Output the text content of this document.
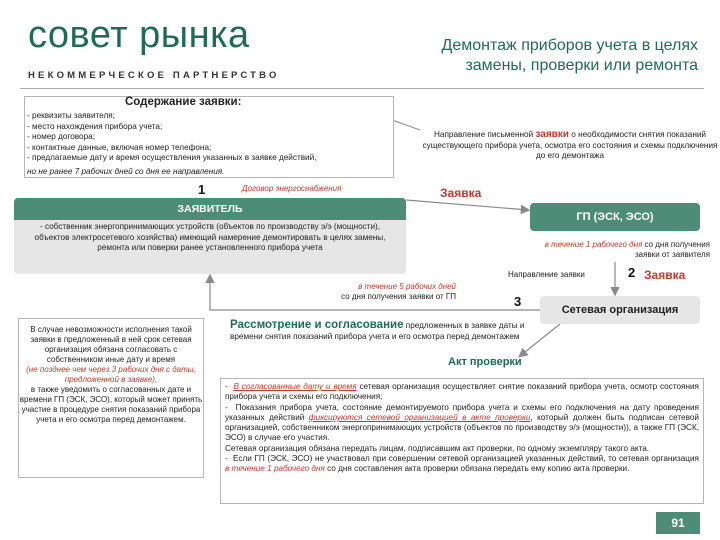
совет рынка
НЕКОММЕРЧЕСКОЕ ПАРТНЕРСТВО
Демонтаж приборов учета в целях
замены, проверки или ремонта
Содержание заявки:
- реквизиты заявителя;
- место нахождения прибора учета;
- номер договора;
- контактные данные, включая номер телефона;
- предлагаемые дату и время осуществления указанных в заявке действий,
но не ранее 7 рабочих дней со дня ее направления.
Направление письменной заявки о необходимости снятия показаний существующего прибора учета, осмотра его состояния и схемы подключения до его демонтажа
1	Договор энергоснабжения	Заявка
ЗАЯВИТЕЛЬ
- собственник энергопринимающих устройств (объектов по производству э/э (мощности), объектов электросетевого хозяйства) имеющий намерение демонтировать в целях замены, ремонта или поверки ранее установленного прибора учета
ГП (ЭСК, ЭСО)
в течение 1 рабочего дня со дня получения заявки от заявителя
Направление заявки	2 Заявка
3
Сетевая организация
в течение 5 рабочих дней
со дня получения заявки от ГП
В случае невозможности исполнения такой заявки в предложенный в ней срок сетевая организация обязана согласовать с собственником иные дату и время
(не позднее чем через 3 рабочих дня с даты, предложенной в заявке),
в также уведомить о согласованных дате и времени ГП (ЭСК, ЭСО), который может принять участие в процедуре снятия показаний прибора учета и его осмотра перед демонтажем.
Рассмотрение и согласование предложенных в заявке даты и времени снятия показаний прибора учета и его осмотра перед демонтажем
Акт проверки

-  В согласованные дату и время сетевая организация осуществляет снятие показаний прибора учета, осмотр состояния прибора учета и схемы его подключения;

-  Показания прибора учета, состояние демонтируемого прибора учета и схемы его подключения на дату проведения указанных действий фиксируются сетевой организацией в акте проверки, который должен быть подписан сетевой организацией, собственником энергопринимающих устройств (объектов по производству э/э (мощности)), а также ГП (ЭСК, ЭСО) в случае его участия.

Сетевая организация обязана передать лицам, подписавшим акт проверки, по одному экземпляру такого акта.

-  Если ГП (ЭСК, ЭСО) не участвовал при совершении сетевой организацией указанных действий, то сетевая организация в течение 1 рабочего дня со дня составления акта проверки обязана передать ему копию акта проверки.

91
